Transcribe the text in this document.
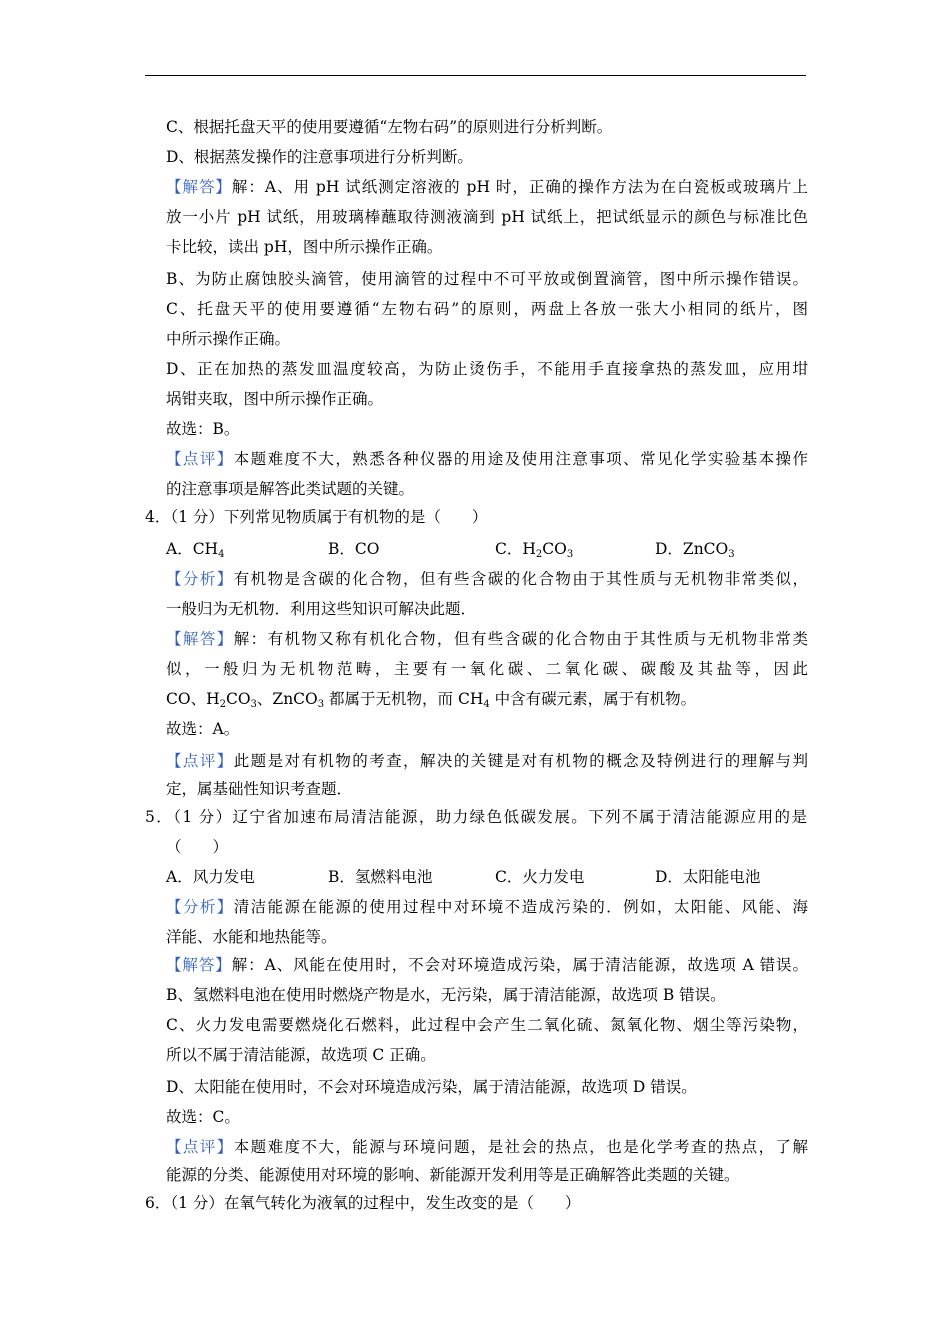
C、根据托盘天平的使用要遵循“左物右码”的原则进行分析判断。
D、根据蒸发操作的注意事项进行分析判断。
【解答】解：A、用 pH 试纸测定溶液的 pH 时，正确的操作方法为在白瓷板或玻璃片上
放一小片 pH 试纸，用玻璃棒蘸取待测液滴到 pH 试纸上，把试纸显示的颜色与标准比色
卡比较，读出 pH，图中所示操作正确。
B、为防止腐蚀胶头滴管，使用滴管的过程中不可平放或倒置滴管，图中所示操作错误。
C、托盘天平的使用要遵循“左物右码”的原则，两盘上各放一张大小相同的纸片，图
中所示操作正确。
D、正在加热的蒸发皿温度较高，为防止烫伤手，不能用手直接拿热的蒸发皿，应用坩
埚钳夹取，图中所示操作正确。
故选：B。
【点评】本题难度不大，熟悉各种仪器的用途及使用注意事项、常见化学实验基本操作
的注意事项是解答此类试题的关键。
4．（1 分）下列常见物质属于有机物的是（　　）
A．$CH_4$	B．CO	C．$H_2CO_3$	D．ZnCO$_3$
【分析】有机物是含碳的化合物，但有些含碳的化合物由于其性质与无机物非常类似，
一般归为无机物．利用这些知识可解决此题．
【解答】解：有机物又称有机化合物，但有些含碳的化合物由于其性质与无机物非常类
似，一般归为无机物范畴，主要有一氧化碳、二氧化碳、碳酸及其盐等，因此
CO、$H_2CO_3$、ZnCO$_3$ 都属于无机物，而 $CH_4$ 中含有碳元素，属于有机物。
故选：A。
【点评】此题是对有机物的考查，解决的关键是对有机物的概念及特例进行的理解与判
定，属基础性知识考查题．
5．（1 分）辽宁省加速布局清洁能源，助力绿色低碳发展。下列不属于清洁能源应用的是
（　　）
A．风力发电	B．氢燃料电池	C．火力发电	D．太阳能电池
【分析】清洁能源在能源的使用过程中对环境不造成污染的．例如，太阳能、风能、海
洋能、水能和地热能等。
【解答】解：A、风能在使用时，不会对环境造成污染，属于清洁能源，故选项 A 错误。
B、氢燃料电池在使用时燃烧产物是水，无污染，属于清洁能源，故选项 B 错误。
C、火力发电需要燃烧化石燃料，此过程中会产生二氧化硫、氮氧化物、烟尘等污染物，
所以不属于清洁能源，故选项 C 正确。
D、太阳能在使用时，不会对环境造成污染，属于清洁能源，故选项 D 错误。
故选：C。
【点评】本题难度不大，能源与环境问题，是社会的热点，也是化学考查的热点，了解
能源的分类、能源使用对环境的影响、新能源开发利用等是正确解答此类题的关键。
6．（1 分）在氧气转化为液氧的过程中，发生改变的是（　　）
